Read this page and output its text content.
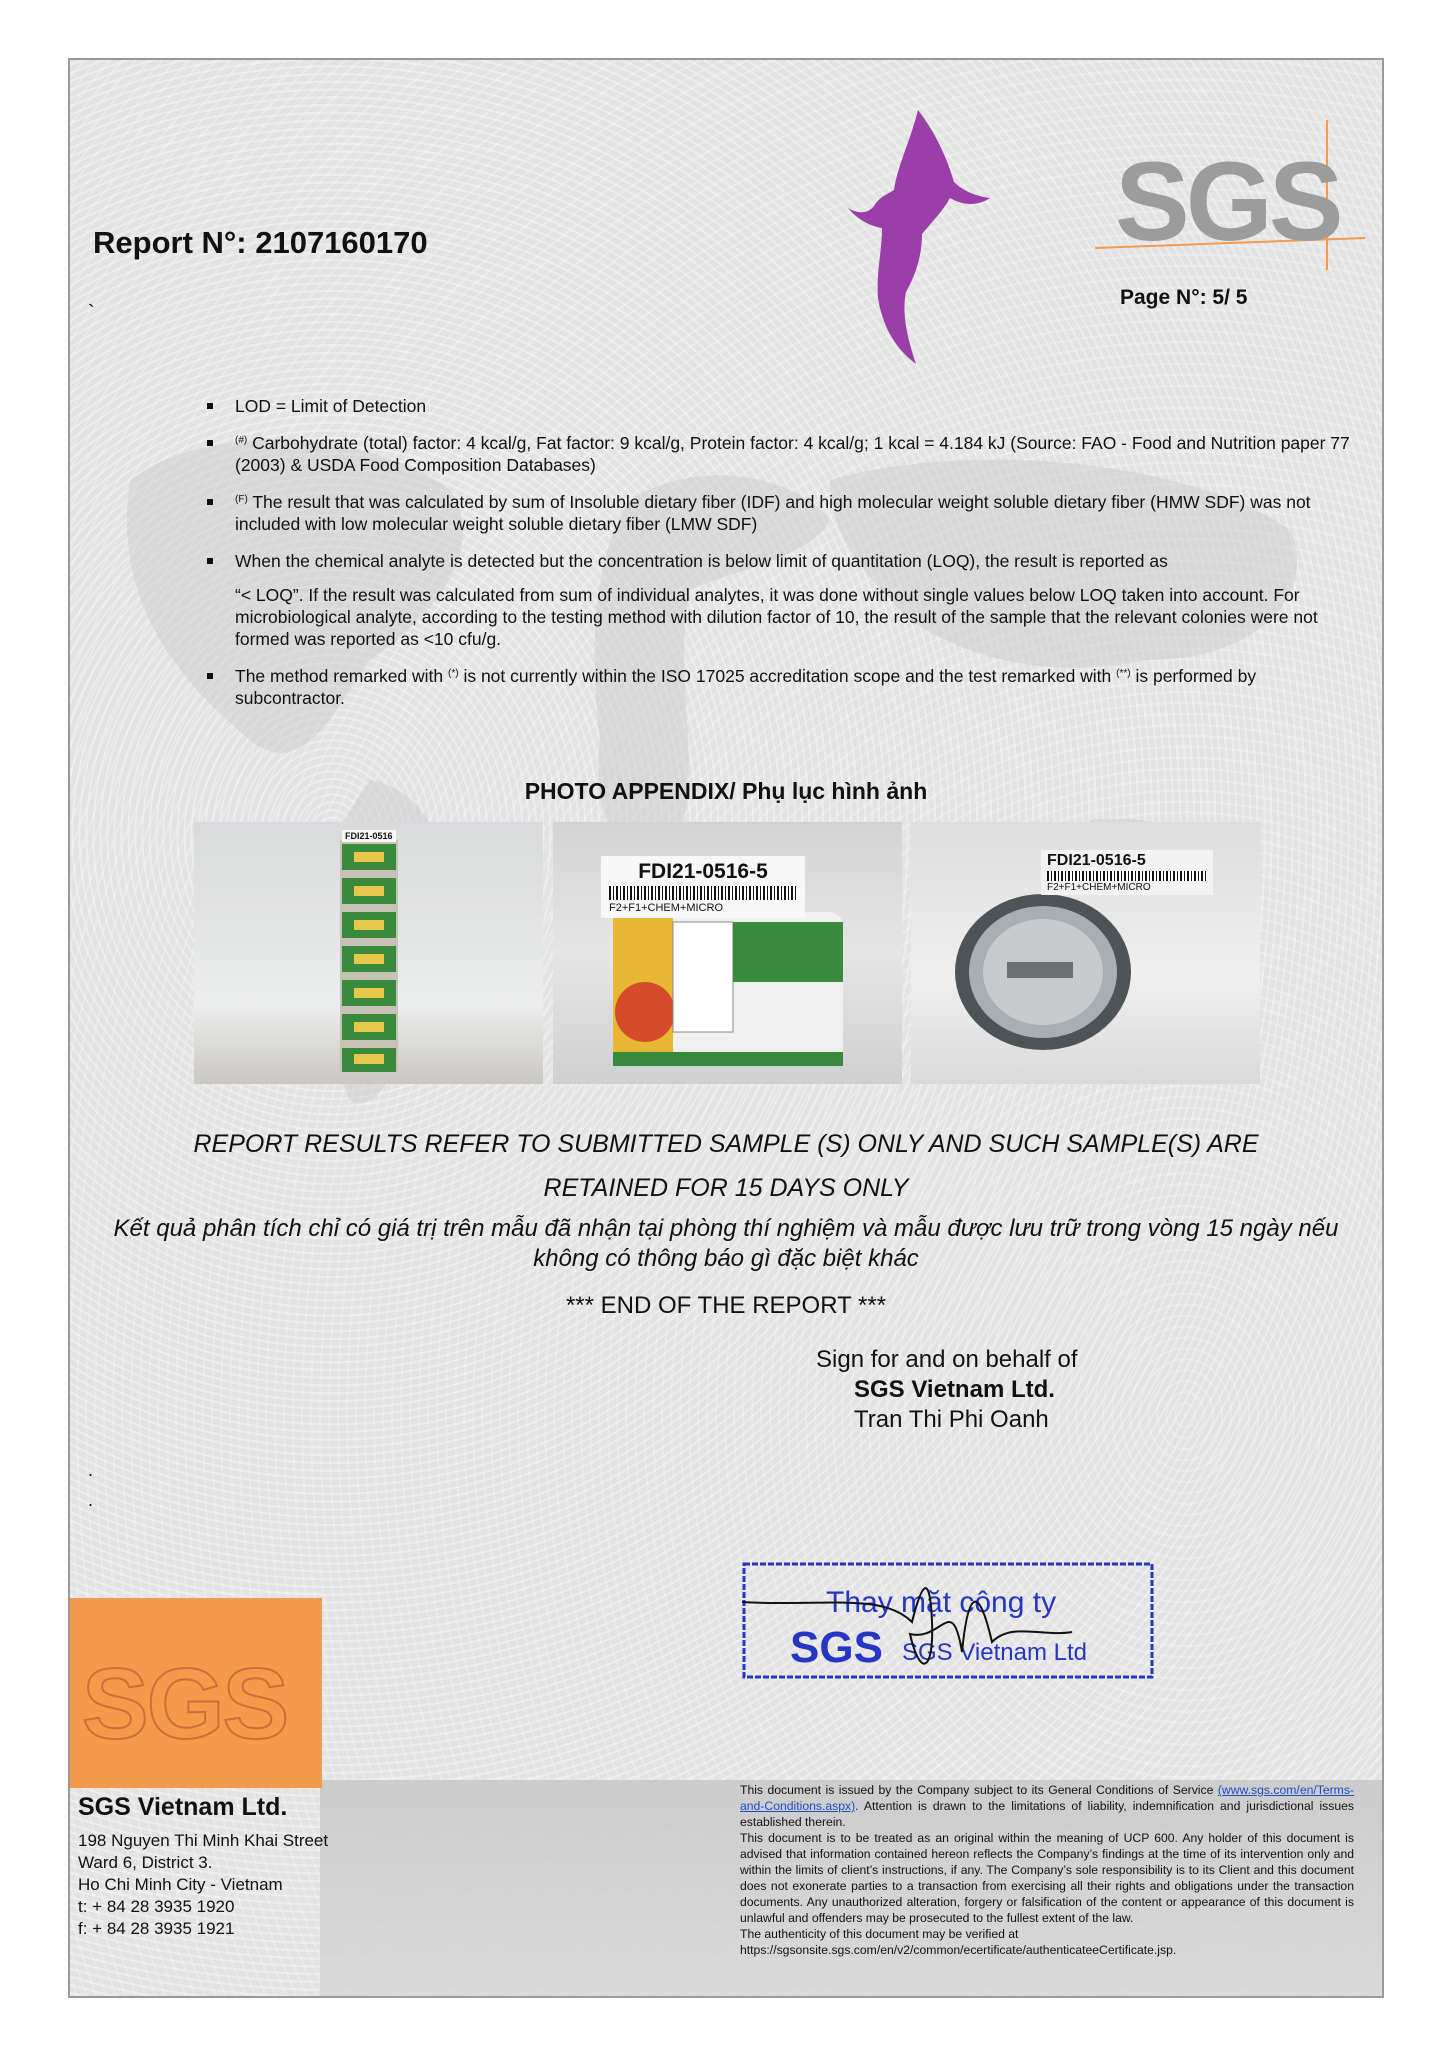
SGS
Report N°: 2107160170
`
Page N°: 5/ 5

LOD = Limit of Detection

(#) Carbohydrate (total) factor: 4 kcal/g, Fat factor: 9 kcal/g, Protein factor: 4 kcal/g; 1 kcal = 4.184 kJ (Source: FAO - Food and Nutrition paper 77 (2003) & USDA Food Composition Databases)

$^{(F)}$ The result that was calculated by sum of Insoluble dietary fiber (IDF) and high molecular weight soluble dietary fiber (HMW SDF) was not included with low molecular weight soluble dietary fiber (LMW SDF)

When the chemical analyte is detected but the concentration is below limit of quantitation (LOQ), the result is reported as

“< LOQ”. If the result was calculated from sum of individual analytes, it was done without single values below LOQ taken into account. For microbiological analyte, according to the testing method with dilution factor of 10, the result of the sample that the relevant colonies were not formed was reported as <10 cfu/g.

The method remarked with (*) is not currently within the ISO 17025 accreditation scope and the test remarked with (**) is performed by subcontractor.

PHOTO APPENDIX/ Phụ lục hình ảnh
FDI21-0516
FDI21-0516-5
F2+F1+CHEM+MICRO
FDI21-0516-5
F2+F1+CHEM+MICRO
REPORT RESULTS REFER TO SUBMITTED SAMPLE (S) ONLY AND SUCH SAMPLE(S) ARE
RETAINED FOR 15 DAYS ONLY
Kết quả phân tích chỉ có giá trị trên mẫu đã nhận tại phòng thí nghiệm và mẫu được lưu trữ trong vòng 15 ngày nếu không có thông báo gì đặc biệt khác
*** END OF THE REPORT ***
Sign for and on behalf of
SGS Vietnam Ltd.
Tran Thi Phi Oanh
.
.
Thay mặt công ty
SGS SGS Vietnam Ltd
SGS
SGS Vietnam Ltd.
198 Nguyen Thi Minh Khai Street
Ward 6, District 3.
Ho Chi Minh City - Vietnam
t: + 84 28 3935 1920
f: + 84 28 3935 1921
This document is issued by the Company subject to its General Conditions of Service (www.sgs.com/en/Terms-and-Conditions.aspx). Attention is drawn to the limitations of liability, indemnification and jurisdictional issues established therein.
This document is to be treated as an original within the meaning of UCP 600. Any holder of this document is advised that information contained hereon reflects the Company’s findings at the time of its intervention only and within the limits of client’s instructions, if any. The Company’s sole responsibility is to its Client and this document does not exonerate parties to a transaction from exercising all their rights and obligations under the transaction documents. Any unauthorized alteration, forgery or falsification of the content or appearance of this document is unlawful and offenders may be prosecuted to the fullest extent of the law.
The authenticity of this document may be verified at
https://sgsonsite.sgs.com/en/v2/common/ecertificate/authenticateeCertificate.jsp.
